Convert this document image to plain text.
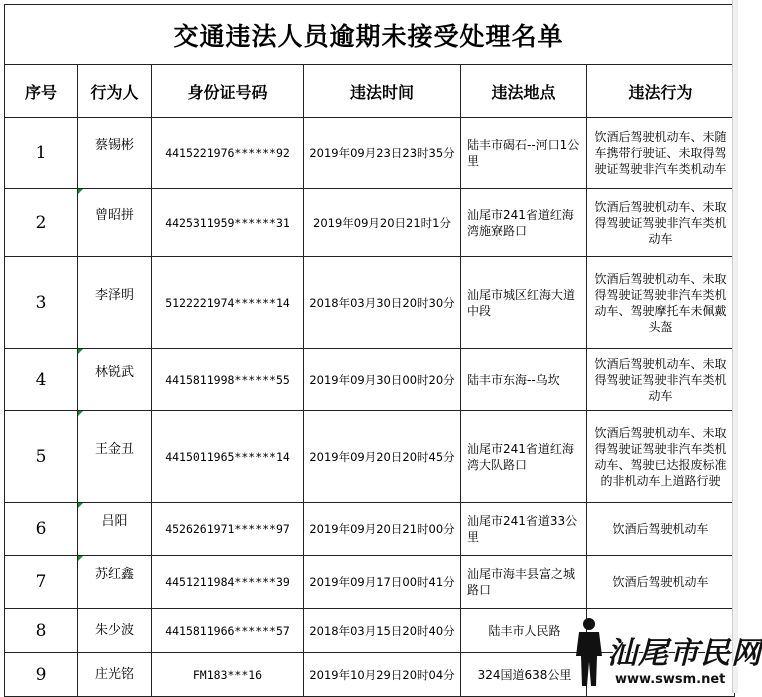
交通违法人员逾期未接受处理名单
序号	行为人	身份证号码	违法时间	违法地点	违法行为
1	蔡锡彬	4415221976******92	2019年09月23日23时35分	陆丰市碣石--河口1公里	饮酒后驾驶机动车、未随车携带行驶证、未取得驾驶证驾驶非汽车类机动车
2	曾昭拼	4425311959******31	2019年09月20日21时1分	汕尾市241省道红海湾施寮路口	饮酒后驾驶机动车、未取得驾驶证驾驶非汽车类机动车
3	李泽明	5122221974******14	2018年03月30日20时30分	汕尾市城区红海大道中段	饮酒后驾驶机动车、未取得驾驶证驾驶非汽车类机动车、驾驶摩托车未佩戴头盔
4	林锐武	4415811998******55	2019年09月30日00时20分	陆丰市东海--乌坎	饮酒后驾驶机动车、未取得驾驶证驾驶非汽车类机动车
5	王金丑	4415011965******14	2019年09月20日20时45分	汕尾市241省道红海湾大队路口	饮酒后驾驶机动车、未取得驾驶证驾驶非汽车类机动车、驾驶已达报废标准的非机动车上道路行驶
6	吕阳	4526261971******97	2019年09月20日21时00分	汕尾市241省道33公里	饮酒后驾驶机动车
7	苏红鑫	4451211984******39	2019年09月17日00时41分	汕尾市海丰县富之城路口	饮酒后驾驶机动车
8	朱少波	4415811966******57	2018年03月15日20时40分	陆丰市人民路	
9	庄光铭	FM183***16	2019年10月29日20时04分	324国道638公里	
汕尾市民网
www.swsm.net
